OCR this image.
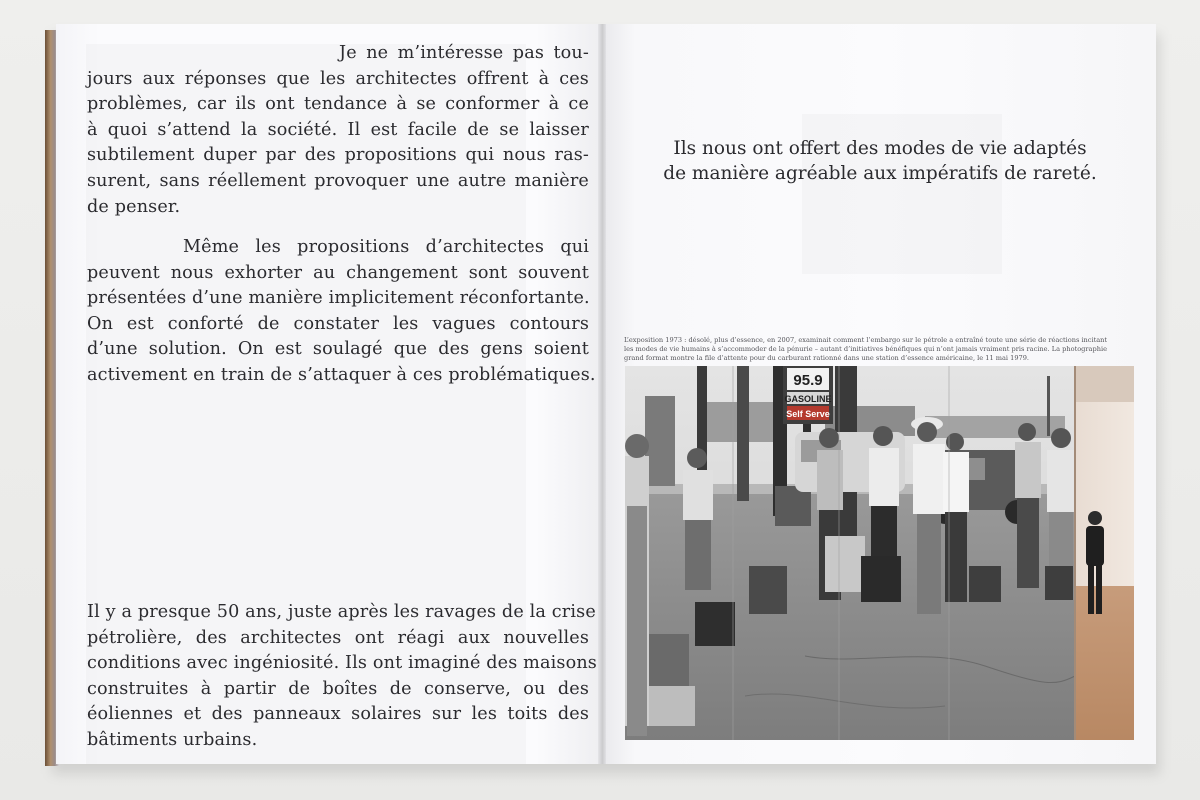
Je ne m’intéresse pas tou-
jours aux réponses que les architectes offrent à ces
problèmes, car ils ont tendance à se conformer à ce
à quoi s’attend la société. Il est facile de se laisser
subtilement duper par des propositions qui nous ras-
surent, sans réellement provoquer une autre manière
de penser.
Même les propositions d’architectes qui
peuvent nous exhorter au changement sont souvent
présentées d’une manière implicitement réconfortante.
On est conforté de constater les vagues contours
d’une solution. On est soulagé que des gens soient
activement en train de s’attaquer à ces problématiques.
Il y a presque 50 ans, juste après les ravages de la crise
pétrolière, des architectes ont réagi aux nouvelles
conditions avec ingéniosité. Ils ont imaginé des maisons
construites à partir de boîtes de conserve, ou des
éoliennes et des panneaux solaires sur les toits des
bâtiments urbains.
Ils nous ont offert des modes de vie adaptés
de manière agréable aux impératifs de rareté.
L’exposition 1973 : désolé, plus d’essence, en 2007, examinait comment l’embargo sur le pétrole a entraîné toute une série de réactions incitant
les modes de vie humains à s’accommoder de la pénurie – autant d’initiatives bénéfiques qui n’ont jamais vraiment pris racine. La photographie
grand format montre la file d’attente pour du carburant rationné dans une station d’essence américaine, le 11 mai 1979.
95.9
GASOLINE
Self Serve
